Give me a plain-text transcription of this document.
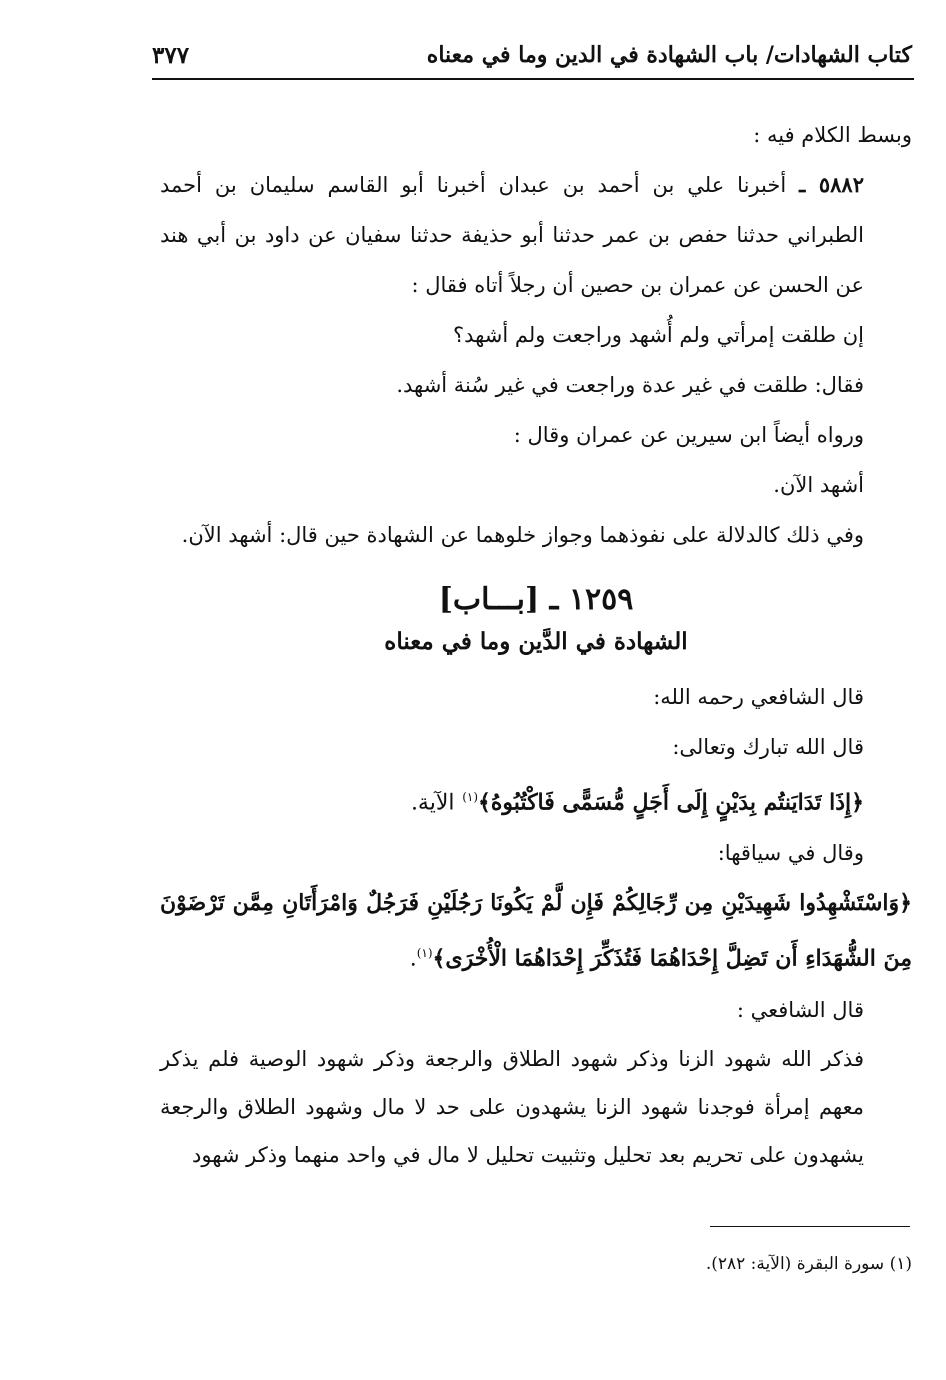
كتاب الشهادات/ باب الشهادة في الدين وما في معناه
٣٧٧

وبسط الكلام فيه :

٥٨٨٢ ـ أخبرنا علي بن أحمد بن عبدان أخبرنا أبو القاسم سليمان بن أحمد الطبراني حدثنا حفص بن عمر حدثنا أبو حذيفة حدثنا سفيان عن داود بن أبي هند عن الحسن عن عمران بن حصين أن رجلاً أتاه فقال :

إن طلقت إمرأتي ولم أُشهد وراجعت ولم أشهد؟

فقال: طلقت في غير عدة وراجعت في غير سُنة أشهد.

ورواه أيضاً ابن سيرين عن عمران وقال :

أشهد الآن.

وفي ذلك كالدلالة على نفوذهما وجواز خلوهما عن الشهادة حين قال: أشهد الآن.

١٢٥٩ ـ [بـــاب]
الشهادة في الدَّين وما في معناه

قال الشافعي رحمه الله:

قال الله تبارك وتعالى:

﴿إِذَا تَدَايَنتُم بِدَيْنٍ إِلَى أَجَلٍ مُّسَمًّى فَاكْتُبُوهُ﴾$^{(١)}$ الآية.

وقال في سياقها:

﴿وَاسْتَشْهِدُوا شَهِيدَيْنِ مِن رِّجَالِكُمْ فَإِن لَّمْ يَكُونَا رَجُلَيْنِ فَرَجُلٌ وَامْرَأَتَانِ مِمَّن تَرْضَوْنَ مِنَ الشُّهَدَاءِ أَن تَضِلَّ إِحْدَاهُمَا فَتُذَكِّرَ إِحْدَاهُمَا الْأُخْرَى﴾$^{(١)}$.

قال الشافعي :

فذكر الله شهود الزنا وذكر شهود الطلاق والرجعة وذكر شهود الوصية فلم يذكر معهم إمرأة فوجدنا شهود الزنا يشهدون على حد لا مال وشهود الطلاق والرجعة يشهدون على تحريم بعد تحليل وتثبيت تحليل لا مال في واحد منهما وذكر شهود

(١) سورة البقرة (الآية: ٢٨٢).
